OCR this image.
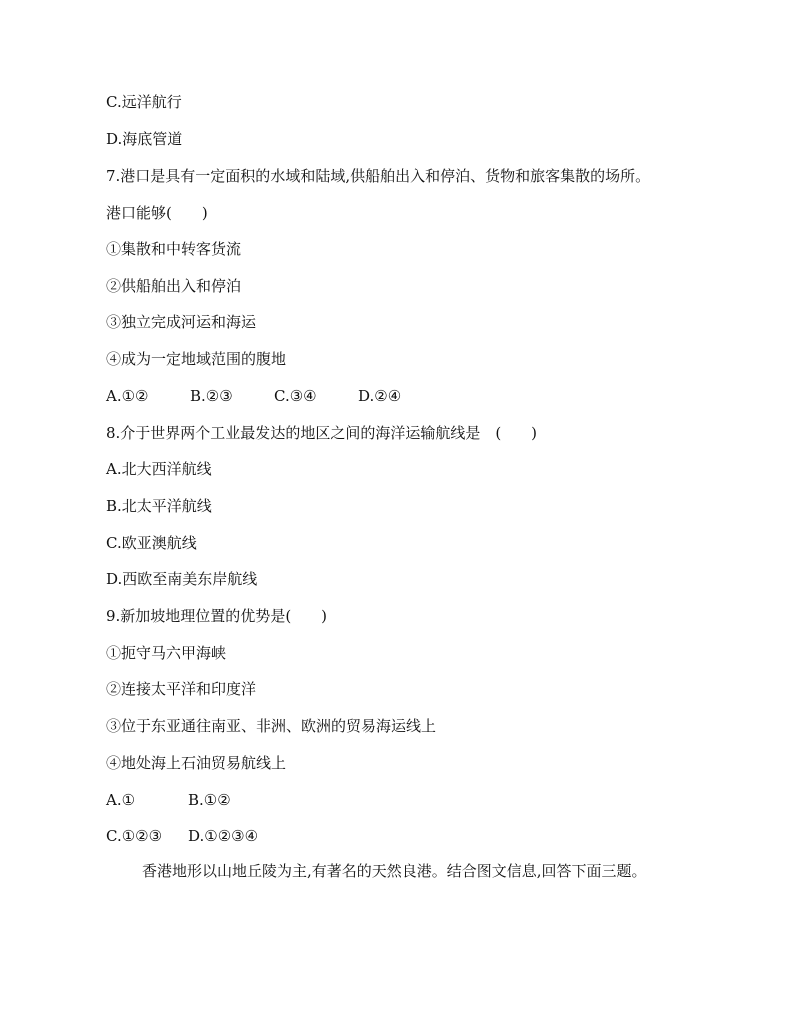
C.远洋航行
D.海底管道
7.港口是具有一定面积的水域和陆域,供船舶出入和停泊、货物和旅客集散的场所。
港口能够(　　)
①集散和中转客货流
②供船舶出入和停泊
③独立完成河运和海运
④成为一定地域范围的腹地
A.①②	B.②③	C.③④	D.②④
8.介于世界两个工业最发达的地区之间的海洋运输航线是　(　　)
A.北大西洋航线
B.北太平洋航线
C.欧亚澳航线
D.西欧至南美东岸航线
9.新加坡地理位置的优势是(　　)
①扼守马六甲海峡
②连接太平洋和印度洋
③位于东亚通往南亚、非洲、欧洲的贸易海运线上
④地处海上石油贸易航线上
A.①	B.①②
C.①②③ D.①②③④
香港地形以山地丘陵为主,有著名的天然良港。结合图文信息,回答下面三题。
